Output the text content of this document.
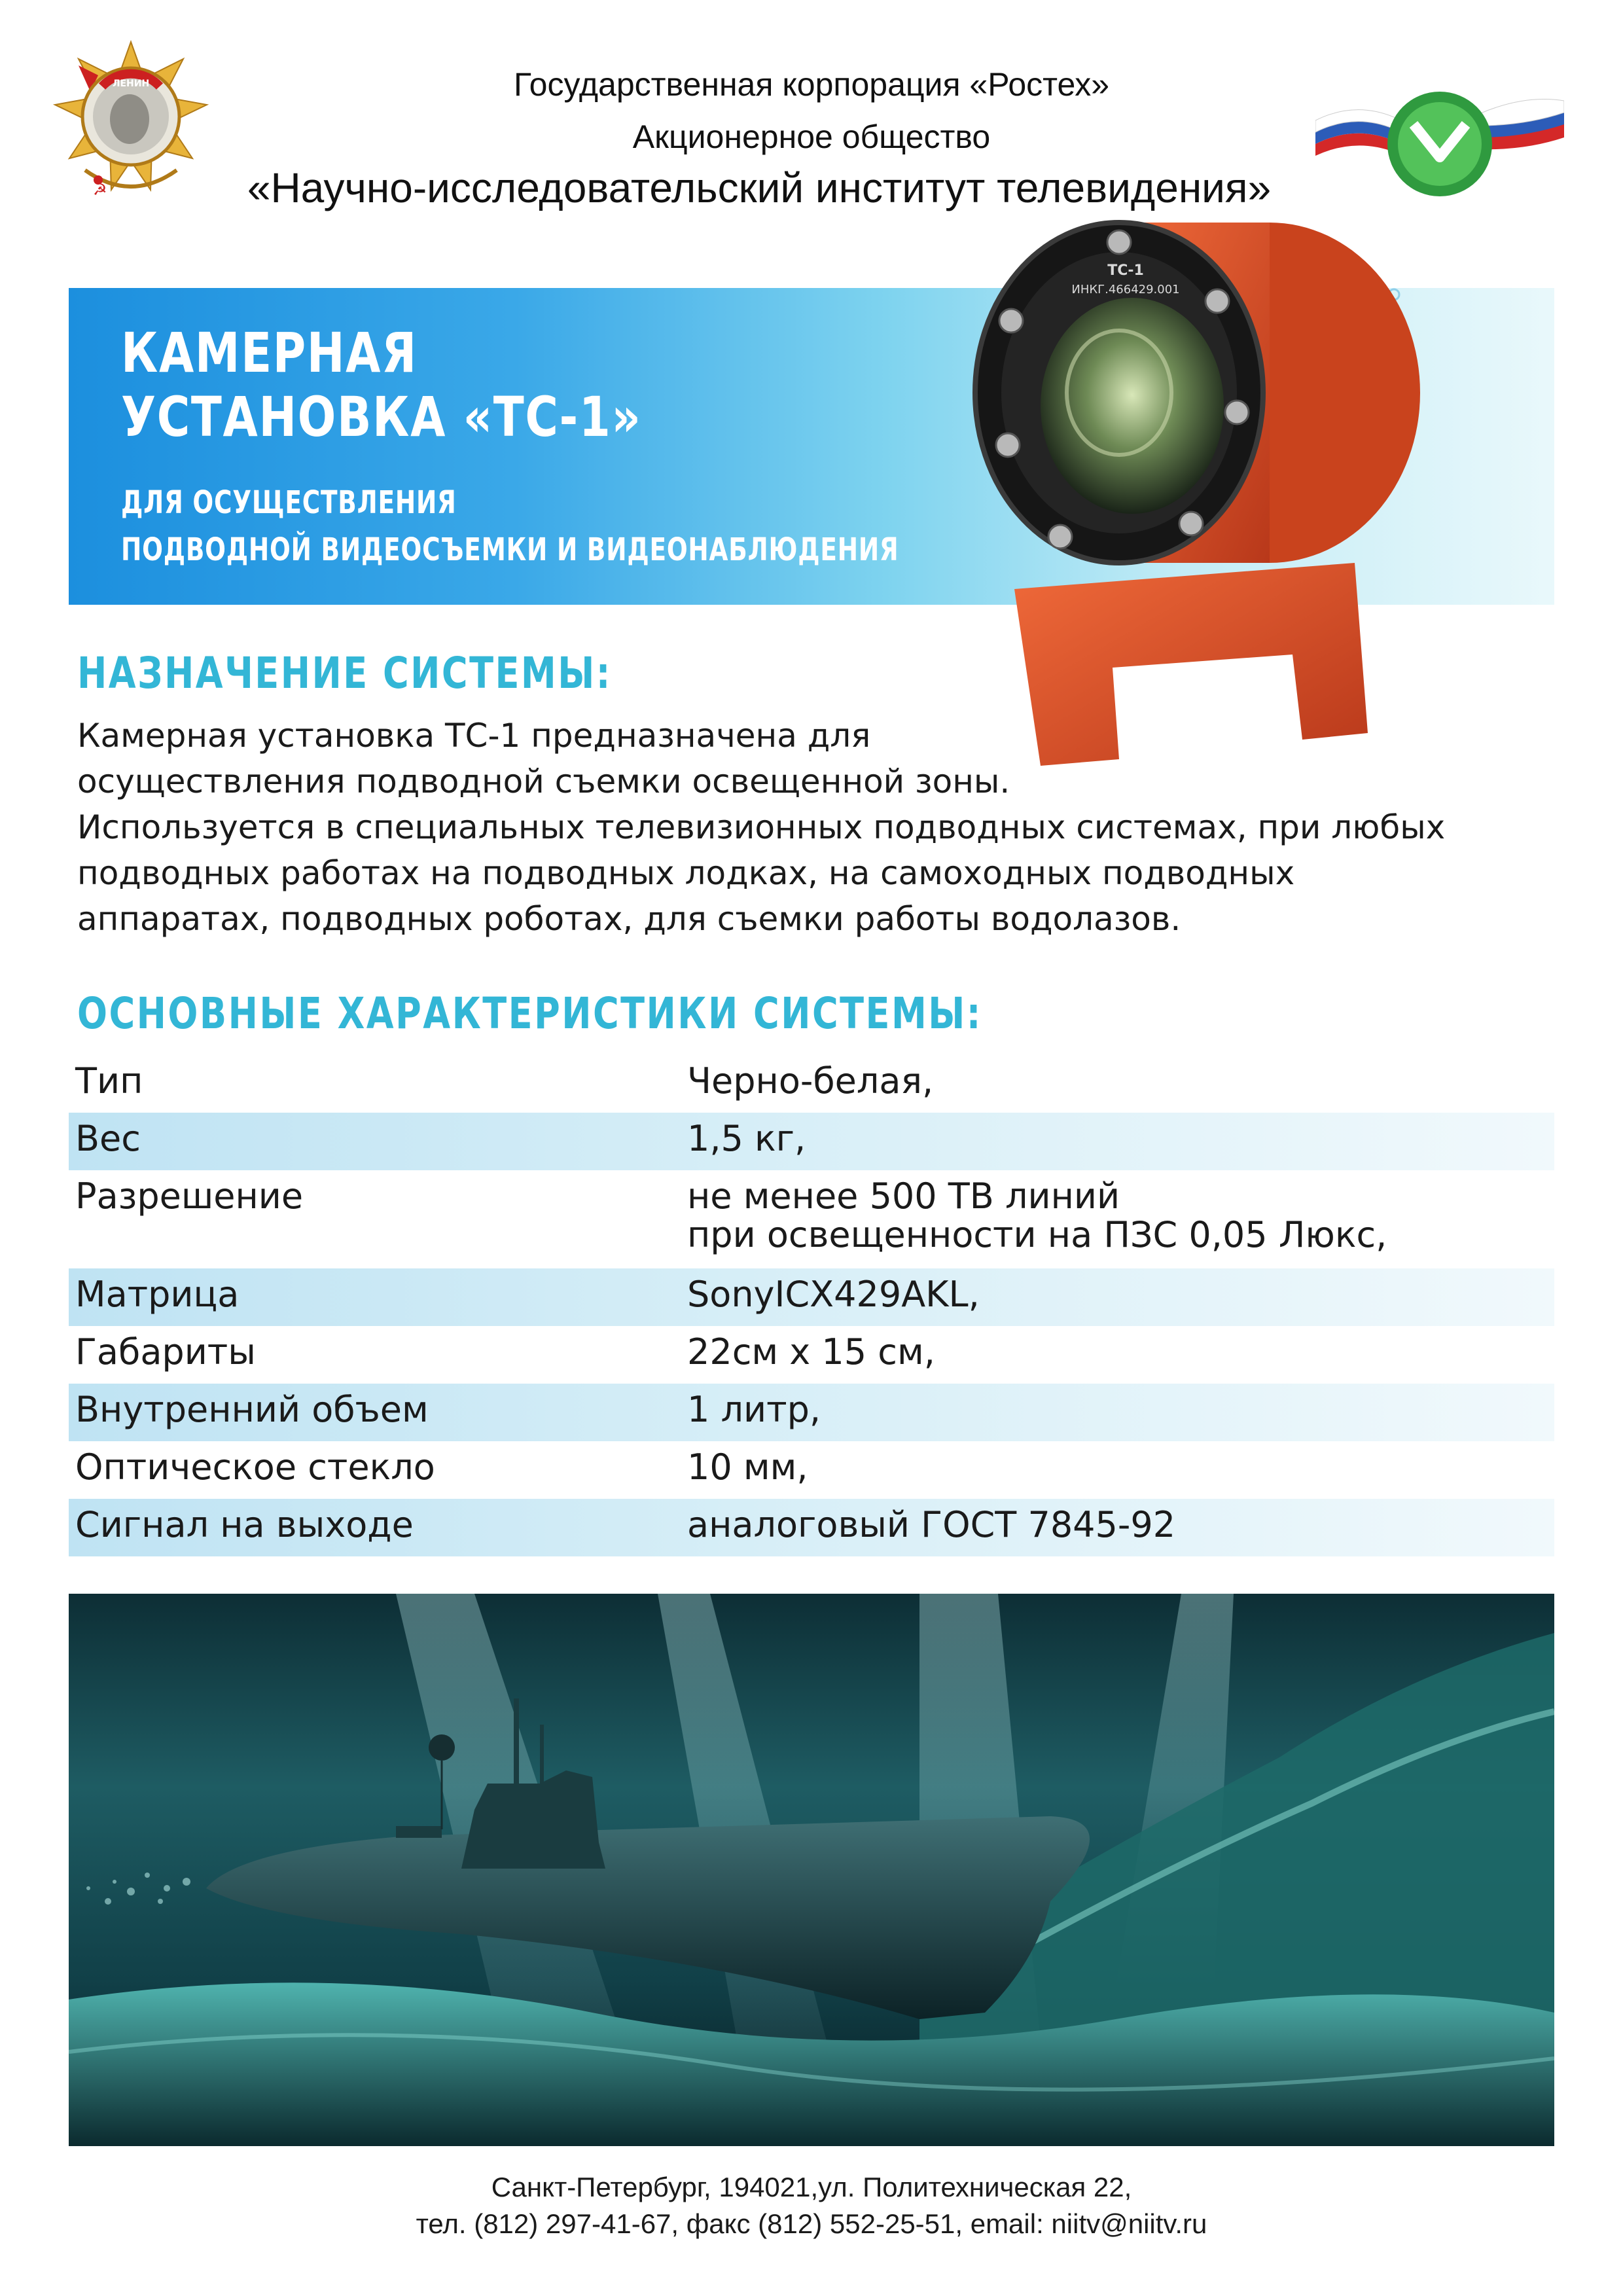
ЛЕНИН
☭
Государственная корпорация «Ростех»
Акционерное общество
«Научно-исследовательский институт телевидения»
КАМЕРНАЯ
УСТАНОВКА «ТС-1»
ДЛЯ ОСУЩЕСТВЛЕНИЯ
ПОДВОДНОЙ ВИДЕОСЪЕМКИ И ВИДЕОНАБЛЮДЕНИЯ
ТС-1
ИНКГ.466429.001
НАЗНАЧЕНИЕ СИСТЕМЫ:
Камерная установка ТС-1 предназначена для
осуществления подводной съемки освещенной зоны.
Используется в специальных телевизионных подводных системах, при любых
подводных работах на подводных лодках, на самоходных подводных
аппаратах, подводных роботах, для съемки работы водолазов.
ОСНОВНЫЕ ХАРАКТЕРИСТИКИ СИСТЕМЫ:
Тип	Черно-белая,
Вес	1,5 кг,
Разрешение	не менее 500 ТВ линий
при освещенности на ПЗС 0,05 Люкс,
Матрица	SonyICX429AKL,
Габариты	22см х 15 см,
Внутренний объем	1 литр,
Оптическое стекло	10 мм,
Сигнал на выходе	аналоговый ГОСТ 7845-92
Санкт-Петербург, 194021,ул. Политехническая 22,
тел. (812) 297-41-67, факс (812) 552-25-51, email: niitv@niitv.ru
